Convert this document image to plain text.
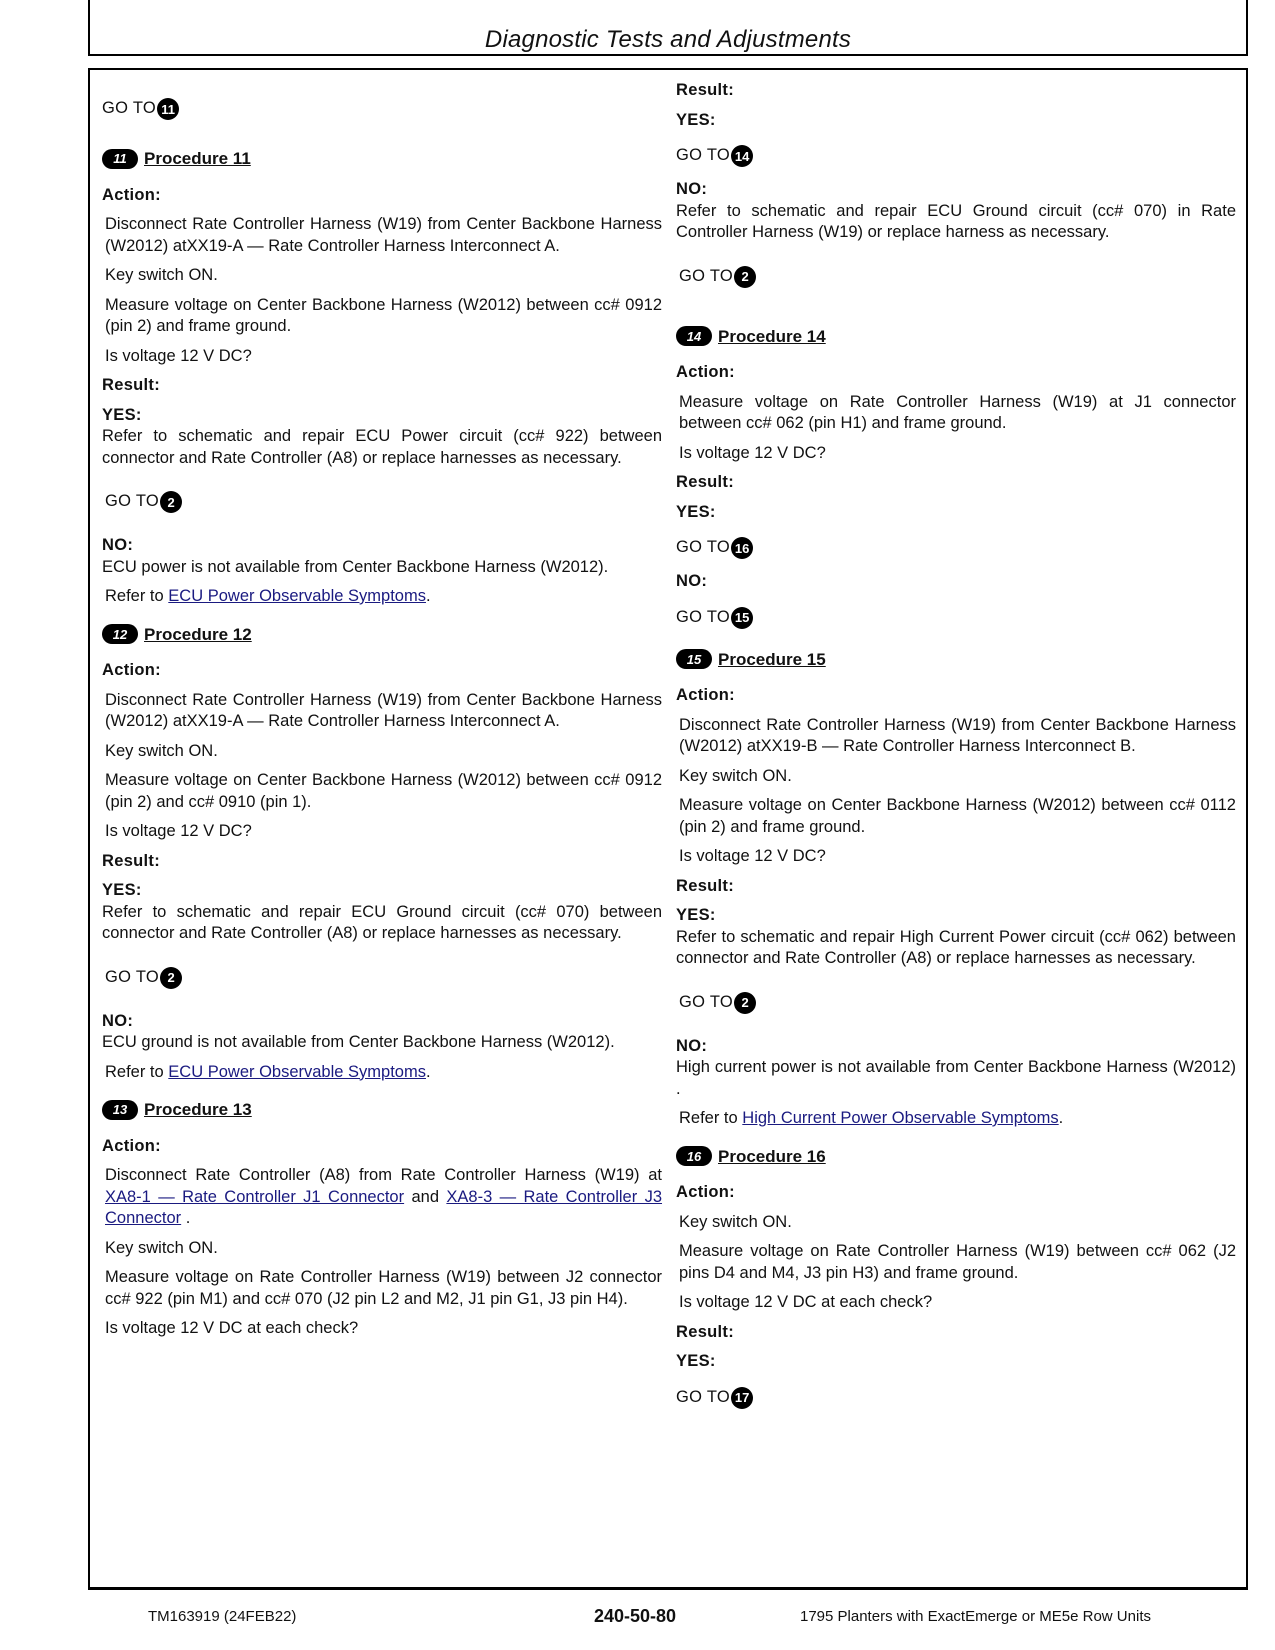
Diagnostic Tests and Adjustments
GO TO 11
11	Procedure 11
Action:

Disconnect Rate Controller Harness (W19) from Center Backbone Harness (W2012) atXX19-A — Rate Controller Harness Interconnect A.

Key switch ON.

Measure voltage on Center Backbone Harness (W2012) between cc# 0912 (pin 2) and frame ground.

Is voltage 12 V DC?

Result:
YES:

Refer to schematic and repair ECU Power circuit (cc# 922) between connector and Rate Controller (A8) or replace harnesses as necessary.

GO TO 2
NO:

ECU power is not available from Center Backbone Harness (W2012).

Refer to ECU Power Observable Symptoms.

12 Procedure 12
Action:

Disconnect Rate Controller Harness (W19) from Center Backbone Harness (W2012) atXX19-A — Rate Controller Harness Interconnect A.

Key switch ON.

Measure voltage on Center Backbone Harness (W2012) between cc# 0912 (pin 2) and cc# 0910 (pin 1).

Is voltage 12 V DC?

Result:
YES:

Refer to schematic and repair ECU Ground circuit (cc# 070) between connector and Rate Controller (A8) or replace harnesses as necessary.

GO TO 2
NO:

ECU ground is not available from Center Backbone Harness (W2012).

Refer to ECU Power Observable Symptoms.

13 Procedure 13
Action:

Disconnect Rate Controller (A8) from Rate Controller Harness (W19) at XA8-1 — Rate Controller J1 Connector and XA8-3 — Rate Controller J3 Connector .

Key switch ON.

Measure voltage on Rate Controller Harness (W19) between J2 connector cc# 922 (pin M1) and cc# 070 (J2 pin L2 and M2, J1 pin G1, J3 pin H4).

Is voltage 12 V DC at each check?

Result:
YES:
GO TO 14
NO:

Refer to schematic and repair ECU Ground circuit (cc# 070) in Rate Controller Harness (W19) or replace harness as necessary.

GO TO 2
14 Procedure 14
Action:

Measure voltage on Rate Controller Harness (W19) at J1 connector between cc# 062 (pin H1) and frame ground.

Is voltage 12 V DC?

Result:
YES:
GO TO 16
NO:
GO TO 15
15 Procedure 15
Action:

Disconnect Rate Controller Harness (W19) from Center Backbone Harness (W2012) atXX19-B — Rate Controller Harness Interconnect B.

Key switch ON.

Measure voltage on Center Backbone Harness (W2012) between cc# 0112 (pin 2) and frame ground.

Is voltage 12 V DC?

Result:
YES:

Refer to schematic and repair High Current Power circuit (cc# 062) between connector and Rate Controller (A8) or replace harnesses as necessary.

GO TO 2
NO:

High current power is not available from Center Backbone Harness (W2012) .

Refer to High Current Power Observable Symptoms.

16 Procedure 16
Action:

Key switch ON.

Measure voltage on Rate Controller Harness (W19) between cc# 062 (J2 pins D4 and M4, J3 pin H3) and frame ground.

Is voltage 12 V DC at each check?

Result:
YES:
GO TO 17
TM163919 (24FEB22)	240-50-80	1795 Planters with ExactEmerge or ME5e Row Units
